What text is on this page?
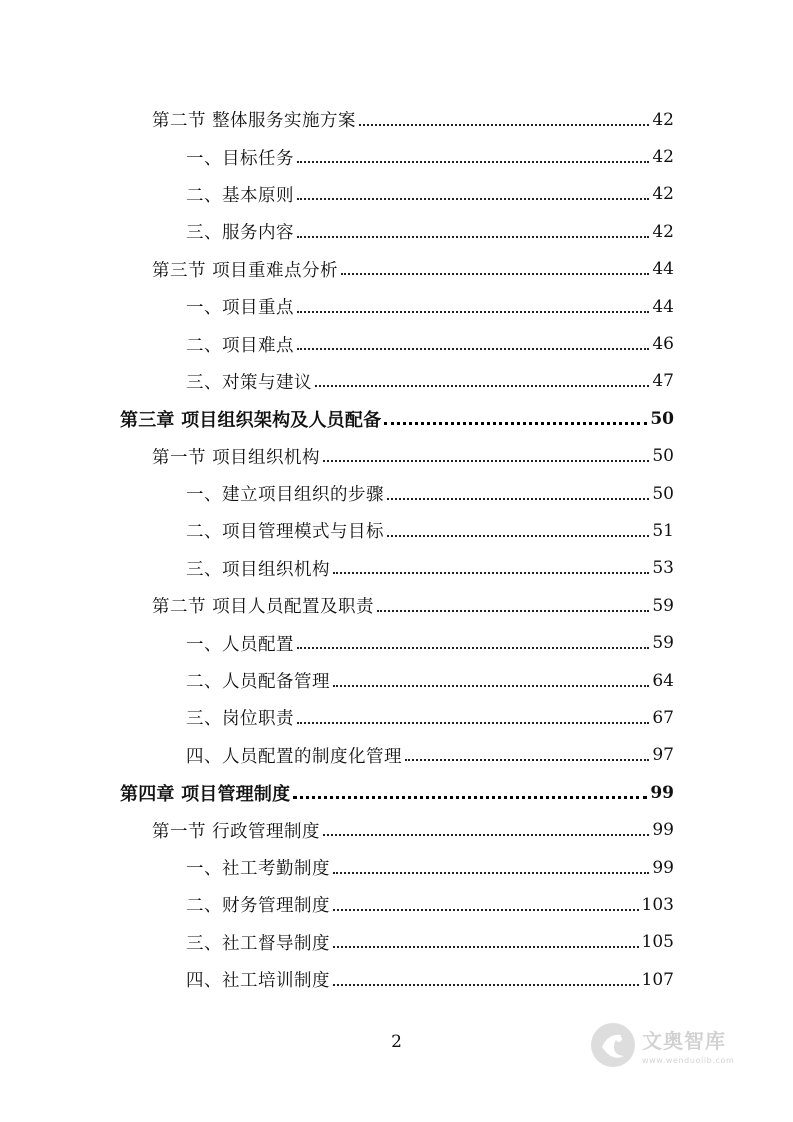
第二节 整体服务实施方案	42
一、目标任务	42
二、基本原则	42
三、服务内容	42
第三节 项目重难点分析	44
一、项目重点	44
二、项目难点	46
三、对策与建议	47
第三章 项目组织架构及人员配备	50
第一节 项目组织机构	50
一、建立项目组织的步骤	50
二、项目管理模式与目标	51
三、项目组织机构	53
第二节 项目人员配置及职责	59
一、人员配置	59
二、人员配备管理	64
三、岗位职责	67
四、人员配置的制度化管理	97
第四章 项目管理制度	99
第一节 行政管理制度	99
一、社工考勤制度	99
二、财务管理制度	103
三、社工督导制度	105
四、社工培训制度	107
2	文奥智库
www.wenduolib.com
